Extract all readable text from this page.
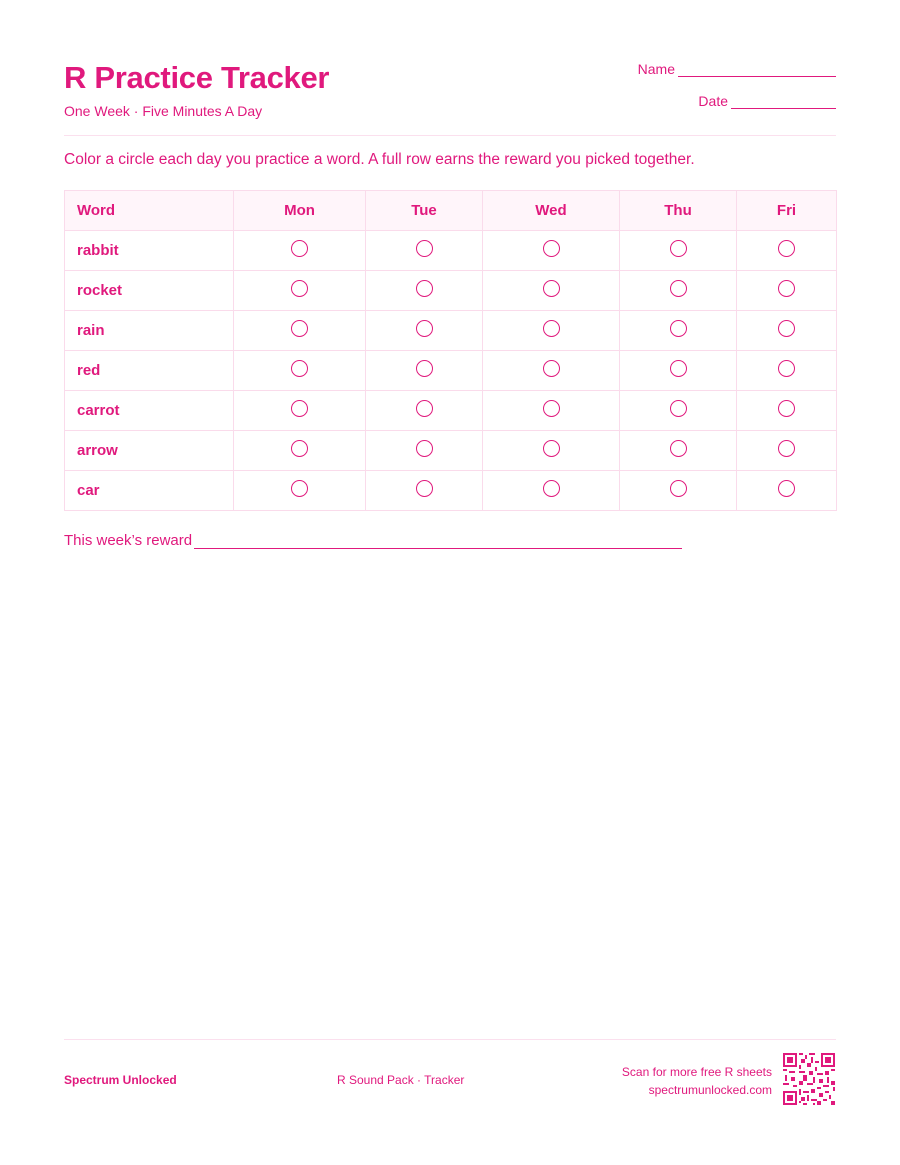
R Practice Tracker
One Week · Five Minutes A Day
Name
Date
Color a circle each day you practice a word. A full row earns the reward you picked together.
Word	Mon	Tue	Wed	Thu	Fri
rabbit					
rocket					
rain					
red					
carrot					
arrow					
car					
This week’s reward
Spectrum Unlocked	R Sound Pack · Tracker
Scan for more free R sheets
spectrumunlocked.com
